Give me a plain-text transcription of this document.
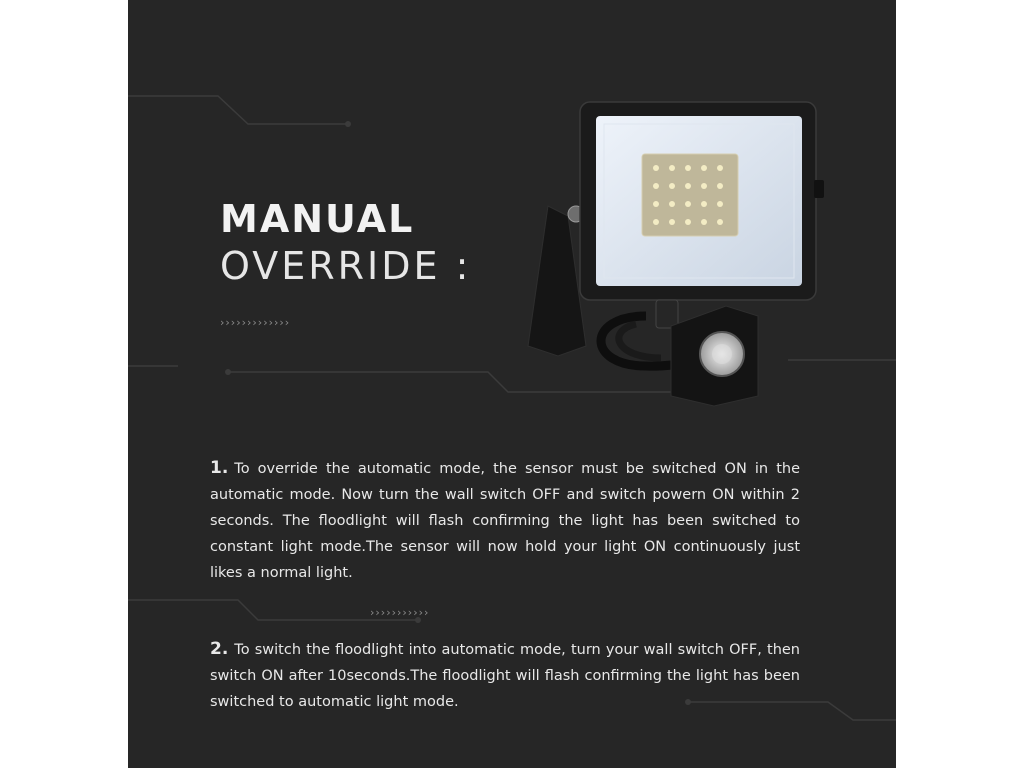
MANUAL
OVERRIDE :
›››››››››››››
›››››››››››
1. To override the automatic mode, the sensor must be switched ON in the automatic mode. Now turn the wall switch OFF and switch powern ON within 2 seconds. The floodlight will flash confirming the light has been switched to constant light mode.The sensor will now hold your light ON continuously just likes a normal light.
2. To switch the floodlight into automatic mode, turn your wall switch OFF, then switch ON after 10seconds.The floodlight will flash confirming the light has been switched to automatic light mode.
